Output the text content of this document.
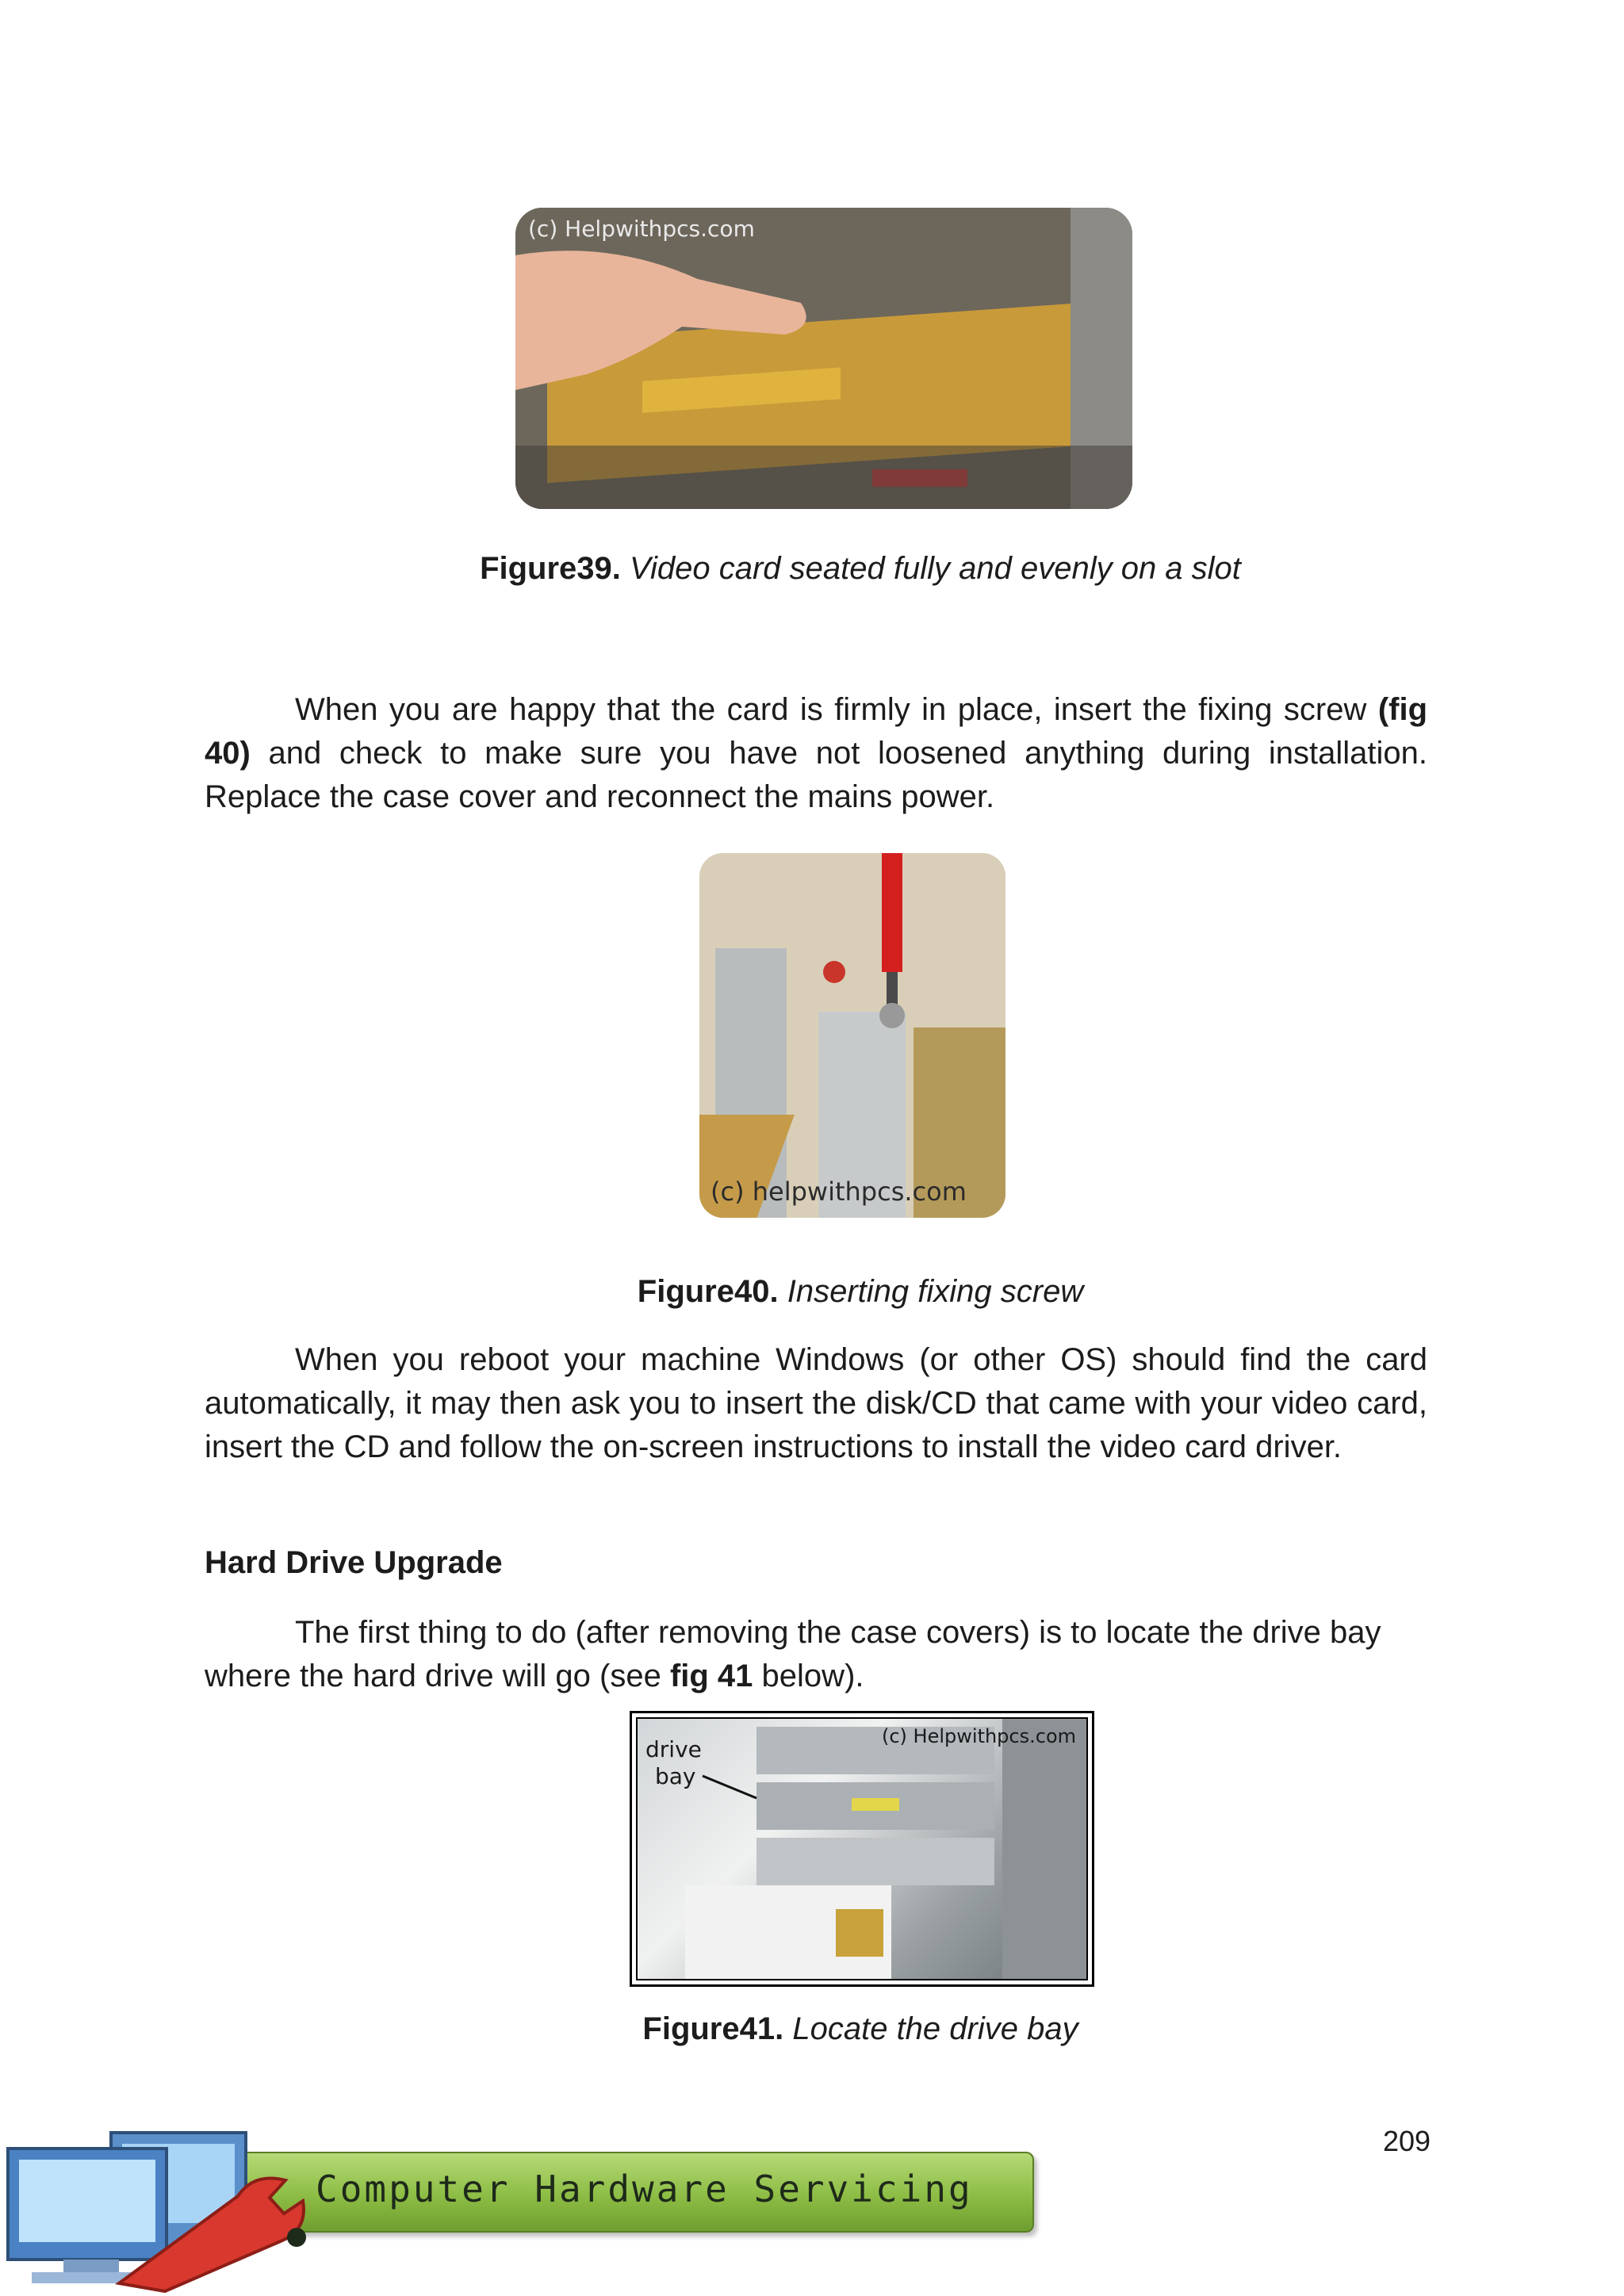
(c) Helpwithpcs.com

Figure39. Video card seated fully and evenly on a slot

When you are happy that the card is firmly in place, insert the fixing screw (fig 40) and check to make sure you have not loosened anything during installation. Replace the case cover and reconnect the mains power.

(c) helpwithpcs.com

Figure40. Inserting fixing screw

When you reboot your machine Windows (or other OS) should find the card automatically, it may then ask you to insert the disk/CD that came with your video card, insert the CD and follow the on-screen instructions to install the video card driver.

Hard Drive Upgrade

The first thing to do (after removing the case covers) is to locate the drive bay where the hard drive will go (see fig 41 below).

(c) Helpwithpcs.com
drive
bay

Figure41. Locate the drive bay

209
Computer Hardware Servicing
